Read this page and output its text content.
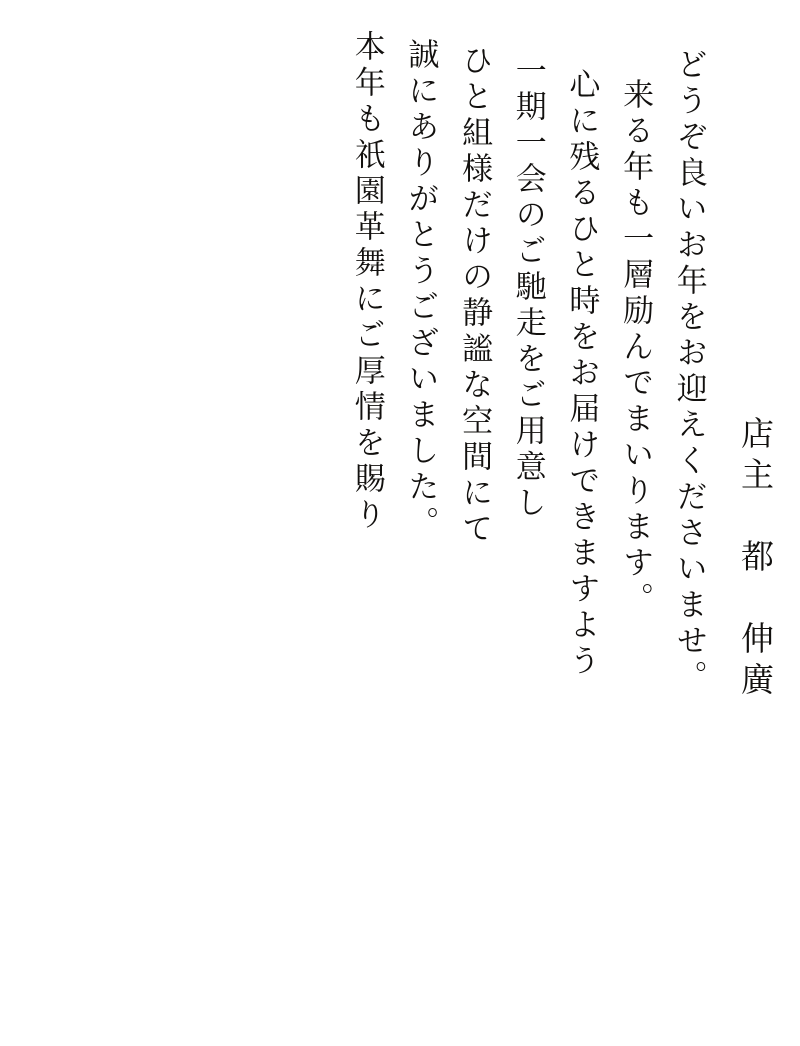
本年も祇園革舞にご厚情を賜り 誠にありがとうございました。 ひと組様だけの静謐な空間にて 一期一会のご馳走をご用意し 心に残るひと時をお届けできますよう 来る年も一層励んでまいります。 どうぞ良いお年をお迎えくださいませ。 店主　都　伸廣
